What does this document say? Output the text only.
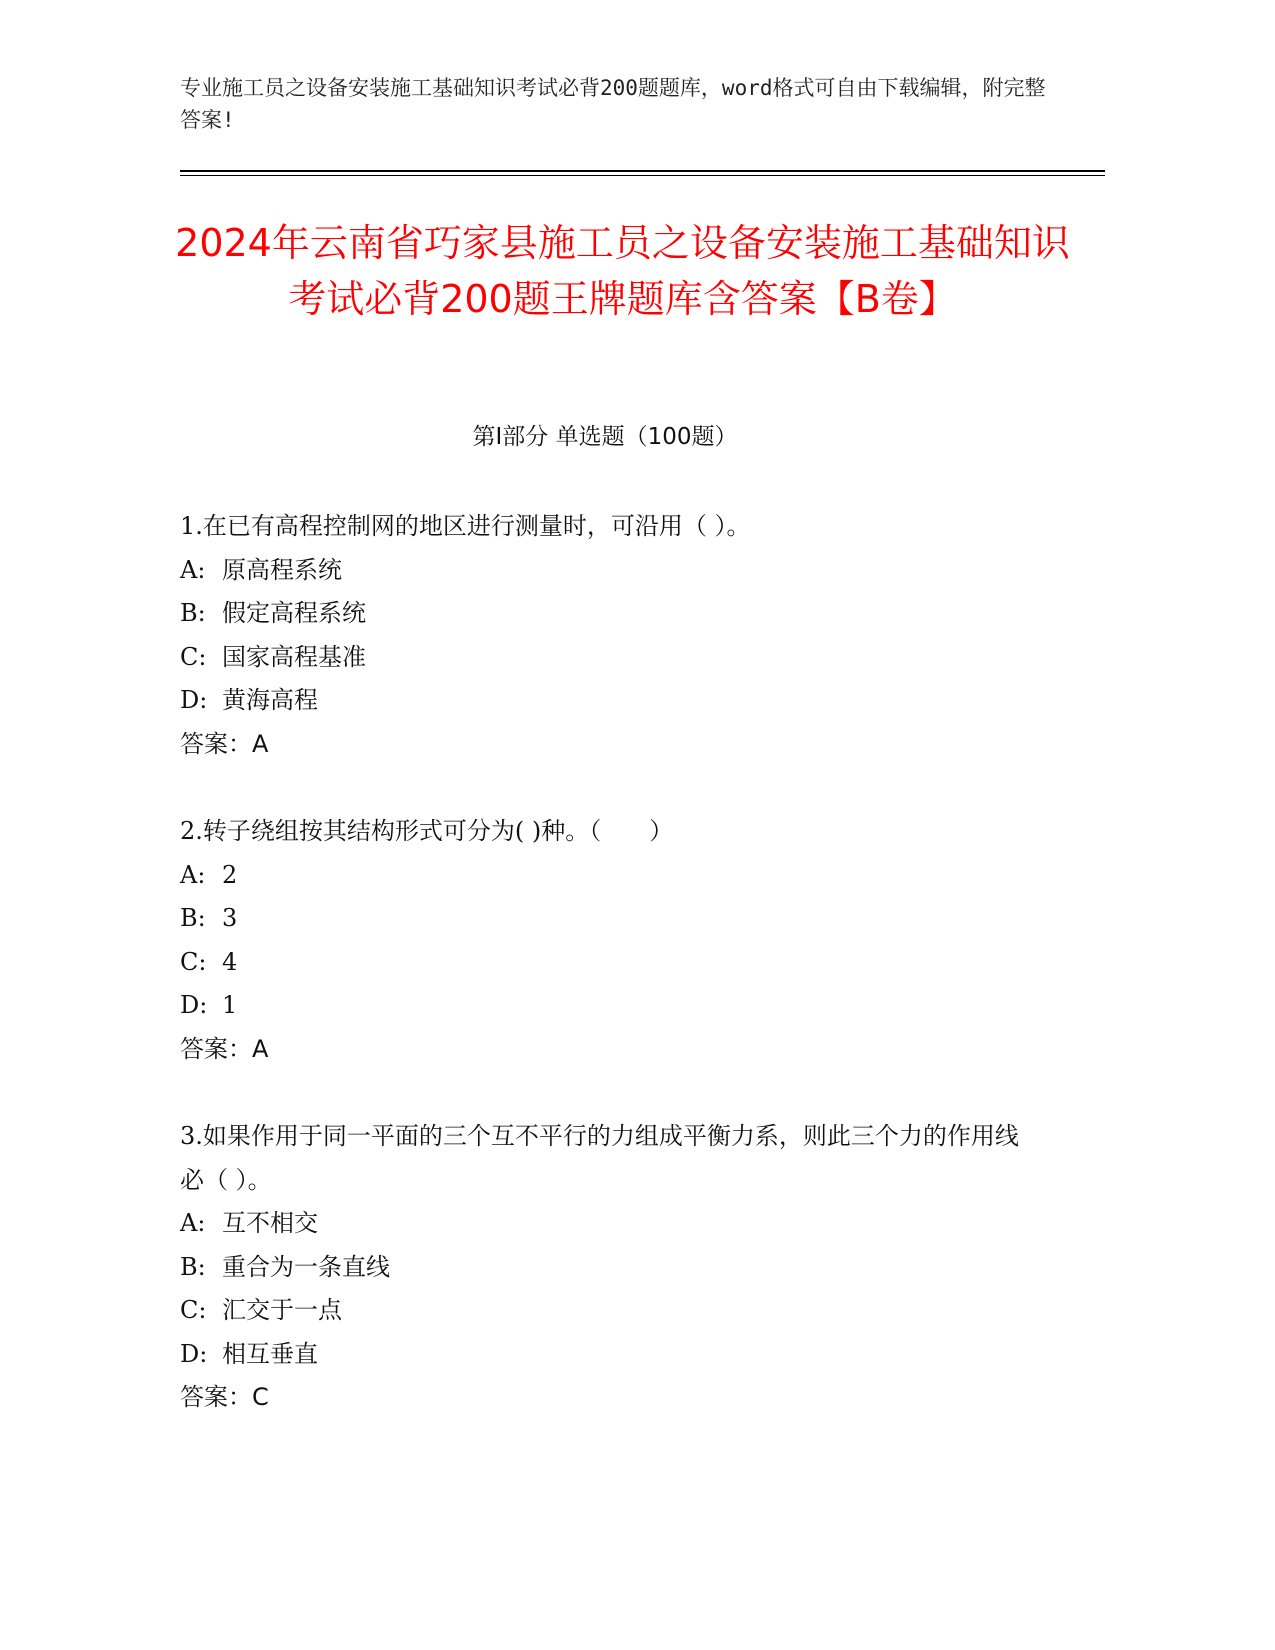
专业施工员之设备安装施工基础知识考试必背200题题库，word格式可自由下载编辑，附完整答案!
2024年云南省巧家县施工员之设备安装施工基础知识考试必背200题王牌题库含答案【B卷】
第Ⅰ部分 单选题（100题）

1.在已有高程控制网的地区进行测量时，可沿用（ ）。

A: 原高程系统

B: 假定高程系统

C: 国家高程基准

D: 黄海高程

答案：A

2.转子绕组按其结构形式可分为( )种。（　　）

A: 2

B: 3

C: 4

D: 1

答案：A

3.如果作用于同一平面的三个互不平行的力组成平衡力系，则此三个力的作用线必（ ）。

A: 互不相交

B: 重合为一条直线

C: 汇交于一点

D: 相互垂直

答案：C
